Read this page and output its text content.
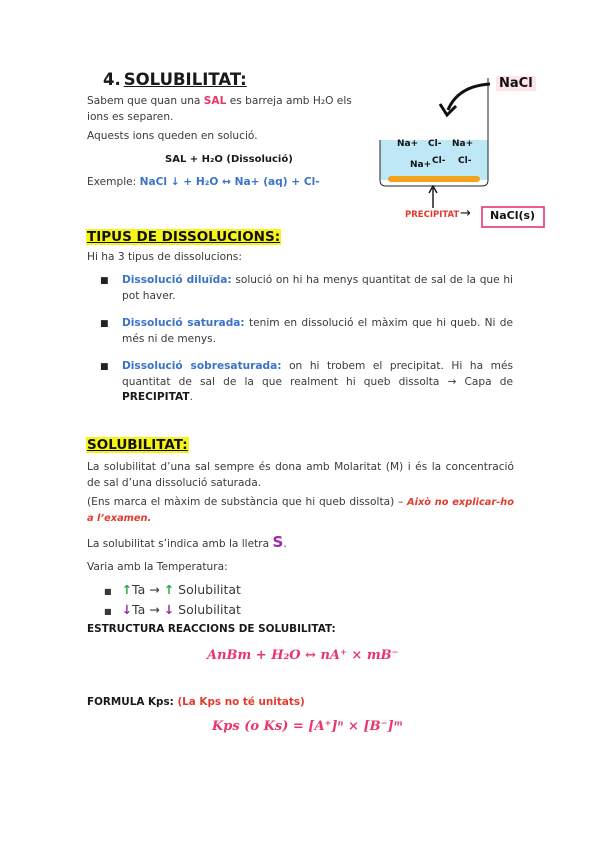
4. SOLUBILITAT:
Sabem que quan una SAL es barreja amb H₂O els ions es separen.
Aquests ions queden en solució.
SAL + H₂O (Dissolució)
Exemple: NaCl ↓ + H₂O ↔ Na+ (aq) + Cl-
NaCl
Na+ Cl- Na+
Na+ Cl- Cl-
PRECIPITAT → NaCl(s)
TIPUS DE DISSOLUCIONS:
Hi ha 3 tipus de dissolucions:
■	Dissolució diluïda: solució on hi ha menys quantitat de sal de la que hi pot haver.
■	Dissolució saturada: tenim en dissolució el màxim que hi queb. Ni de més ni de menys.
■	Dissolució sobresaturada: on hi trobem el precipitat. Hi ha més quantitat de sal de la que realment hi queb dissolta → Capa de PRECIPITAT.
SOLUBILITAT:
La solubilitat d’una sal sempre és dona amb Molaritat (M) i és la concentració de sal d’una dissolució saturada.
(Ens marca el màxim de substància que hi queb dissolta) – Això no explicar-ho a l’examen.
La solubilitat s’indica amb la lletra S.
Varia amb la Temperatura:
■ ↑Ta → ↑ Solubilitat
■ ↓Ta → ↓ Solubilitat
ESTRUCTURA REACCIONS DE SOLUBILITAT:
AnBm + H₂O ↔ nA⁺ × mB⁻
FORMULA Kps: (La Kps no té unitats)
Kps (o Ks) = [A⁺]ⁿ × [B⁻]ᵐ
